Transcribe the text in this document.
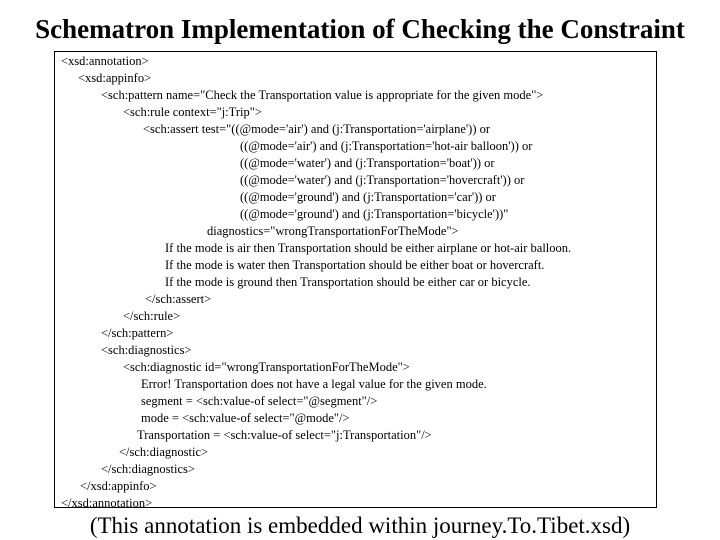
Schematron Implementation of Checking the Constraint
<xsd:annotation>
<xsd:appinfo>
<sch:pattern name="Check the Transportation value is appropriate for the given mode">
<sch:rule context="j:Trip">
<sch:assert test="((@mode='air') and (j:Transportation='airplane')) or
((@mode='air') and (j:Transportation='hot-air balloon')) or
((@mode='water') and (j:Transportation='boat')) or
((@mode='water') and (j:Transportation='hovercraft')) or
((@mode='ground') and (j:Transportation='car')) or
((@mode='ground') and (j:Transportation='bicycle'))"
diagnostics="wrongTransportationForTheMode">
If the mode is air then Transportation should be either airplane or hot-air balloon.
If the mode is water then Transportation should be either boat or hovercraft.
If the mode is ground then Transportation should be either car or bicycle.
</sch:assert>
</sch:rule>
</sch:pattern>
<sch:diagnostics>
<sch:diagnostic id="wrongTransportationForTheMode">
Error! Transportation does not have a legal value for the given mode.
segment = <sch:value-of select="@segment"/>
mode = <sch:value-of select="@mode"/>
Transportation = <sch:value-of select="j:Transportation"/>
</sch:diagnostic>
</sch:diagnostics>
</xsd:appinfo>
</xsd:annotation>
(This annotation is embedded within journey.To.Tibet.xsd)
